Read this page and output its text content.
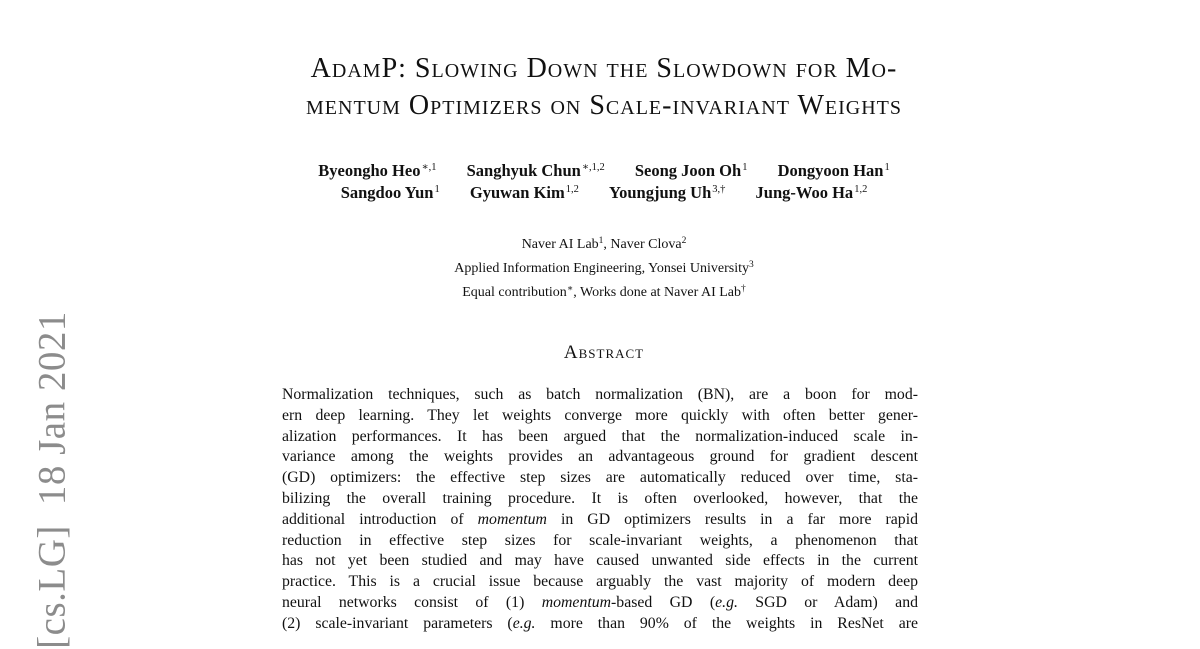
[cs.LG]18 Jan 2021
AdamP: Slowing Down the Slowdown for Mo-
mentum Optimizers on Scale-invariant Weights
Byeongho Heo$^{∗,1}$ Sanghyuk Chun$^{∗,1,2}$ Seong Joon Oh$^1$ Dongyoon Han$^1$
Sangdoo Yun$^1$ Gyuwan Kim$^{1,2}$ Youngjung $Uh^{3,\dagger}$ Jung-Woo Ha$^{1,2}$
Naver AI Lab$^1$, Naver Clova$^2$
Applied Information Engineering, Yonsei University$^3$
Equal contribution∗, Works done at Naver AI Lab†
Abstract
Normalization techniques, such as batch normalization (BN), are a boon for mod-
ern deep learning. They let weights converge more quickly with often better gener-
alization performances. It has been argued that the normalization-induced scale in-
variance among the weights provides an advantageous ground for gradient descent
(GD) optimizers: the effective step sizes are automatically reduced over time, sta-
bilizing the overall training procedure. It is often overlooked, however, that the
additional introduction of momentum in GD optimizers results in a far more rapid
reduction in effective step sizes for scale-invariant weights, a phenomenon that
has not yet been studied and may have caused unwanted side effects in the current
practice. This is a crucial issue because arguably the vast majority of modern deep
neural networks consist of (1) momentum-based GD (e.g. SGD or Adam) and
(2) scale-invariant parameters (e.g. more than 90% of the weights in ResNet are
